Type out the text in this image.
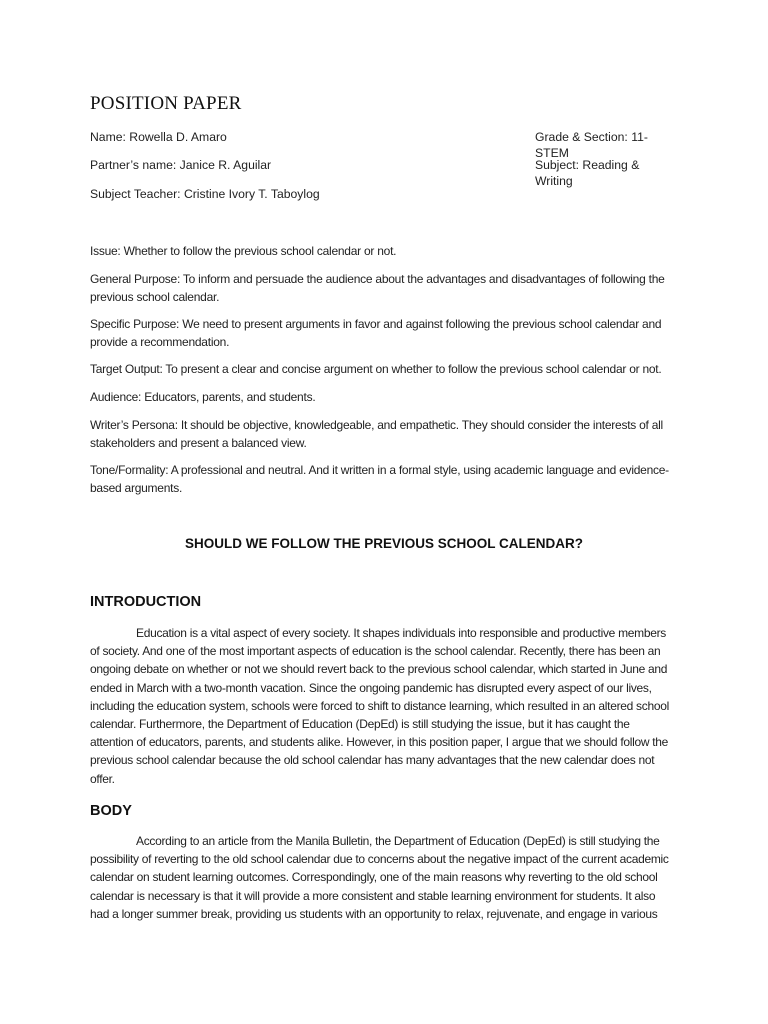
POSITION PAPER
Name: Rowella D. Amaro	Grade & Section: 11-STEM
Partner’s name: Janice R. Aguilar	Subject: Reading & Writing
Subject Teacher: Cristine Ivory T. Taboylog

Issue: Whether to follow the previous school calendar or not.

General Purpose: To inform and persuade the audience about the advantages and disadvantages of following the previous school calendar.

Specific Purpose: We need to present arguments in favor and against following the previous school calendar and provide a recommendation.

Target Output: To present a clear and concise argument on whether to follow the previous school calendar or not.

Audience: Educators, parents, and students.

Writer’s Persona: It should be objective, knowledgeable, and empathetic. They should consider the interests of all stakeholders and present a balanced view.

Tone/Formality: A professional and neutral. And it written in a formal style, using academic language and evidence-based arguments.

SHOULD WE FOLLOW THE PREVIOUS SCHOOL CALENDAR?
INTRODUCTION

Education is a vital aspect of every society. It shapes individuals into responsible and productive members of society. And one of the most important aspects of education is the school calendar. Recently, there has been an ongoing debate on whether or not we should revert back to the previous school calendar, which started in June and ended in March with a two-month vacation. Since the ongoing pandemic has disrupted every aspect of our lives, including the education system, schools were forced to shift to distance learning, which resulted in an altered school calendar. Furthermore, the Department of Education (DepEd) is still studying the issue, but it has caught the attention of educators, parents, and students alike. However, in this position paper, I argue that we should follow the previous school calendar because the old school calendar has many advantages that the new calendar does not offer.

BODY

According to an article from the Manila Bulletin, the Department of Education (DepEd) is still studying the possibility of reverting to the old school calendar due to concerns about the negative impact of the current academic calendar on student learning outcomes. Correspondingly, one of the main reasons why reverting to the old school calendar is necessary is that it will provide a more consistent and stable learning environment for students. It also had a longer summer break, providing us students with an opportunity to relax, rejuvenate, and engage in various
